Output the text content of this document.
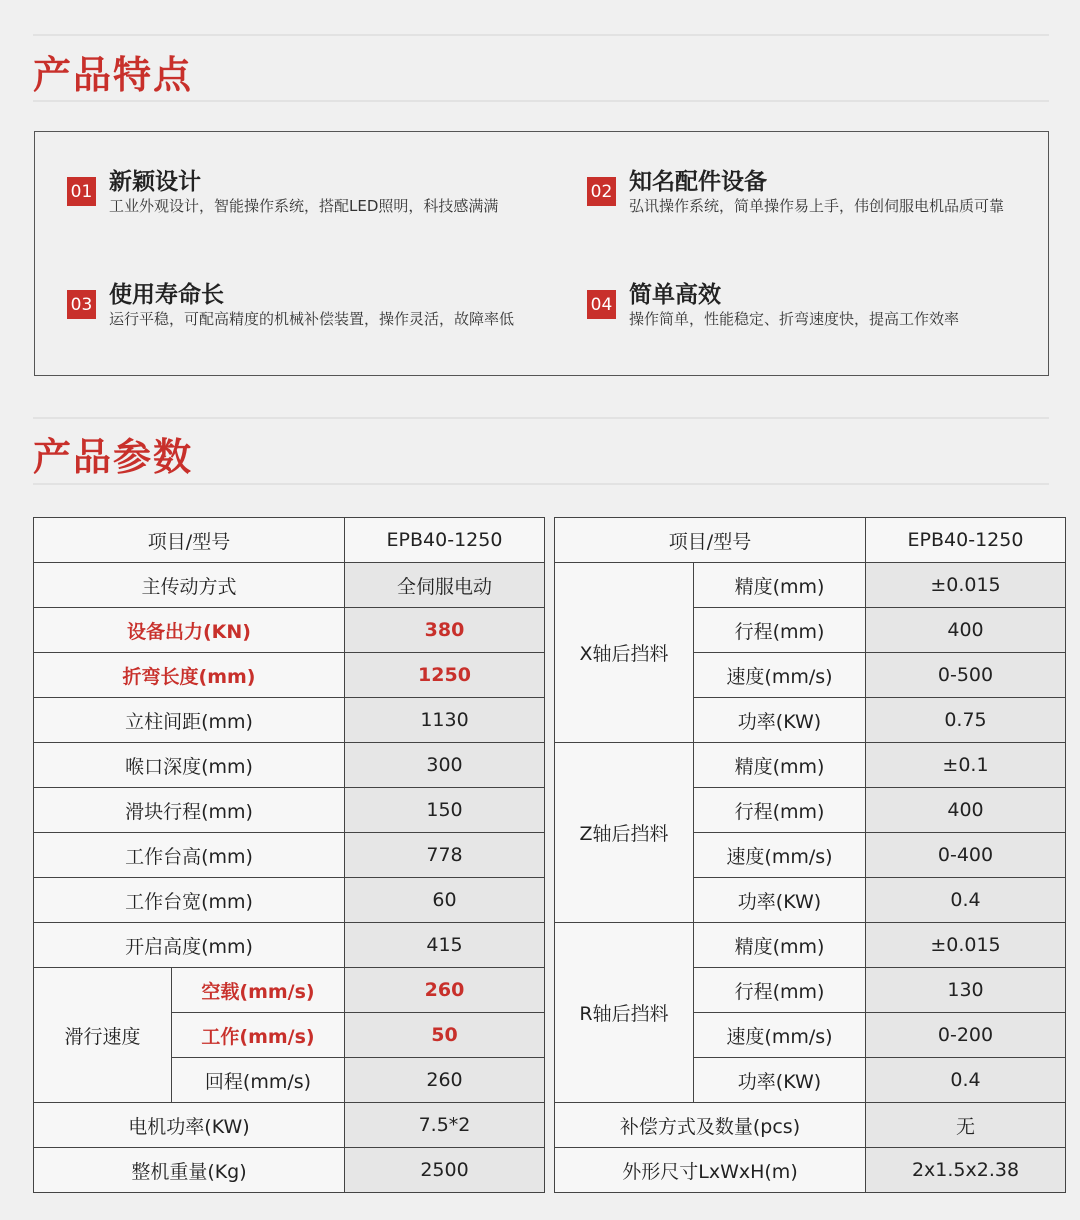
产品特点
01 新颖设计
工业外观设计，智能操作系统，搭配LED照明，科技感满满
02 知名配件设备
弘讯操作系统，简单操作易上手，伟创伺服电机品质可靠
03 使用寿命长
运行平稳，可配高精度的机械补偿装置，操作灵活，故障率低
04 简单高效
操作简单，性能稳定、折弯速度快，提高工作效率
产品参数
项目/型号		EPB40-1250
主传动方式		全伺服电动
设备出力(KN)		380
折弯长度(mm)		1250
立柱间距(mm)		1130
喉口深度(mm)		300
滑块行程(mm)		150
工作台高(mm)		778
工作台宽(mm)		60
开启高度(mm)		415
滑行速度	空载(mm/s)	260
	工作(mm/s)	50
	回程(mm/s)	260
电机功率(KW)		7.5*2
整机重量(Kg)		2500
项目/型号		EPB40-1250
X轴后挡料	精度(mm)	±0.015
	行程(mm)	400
	速度(mm/s)	0-500
	功率(KW)	0.75
Z轴后挡料	精度(mm)	±0.1
	行程(mm)	400
	速度(mm/s)	0-400
	功率(KW)	0.4
R轴后挡料	精度(mm)	±0.015
	行程(mm)	130
	速度(mm/s)	0-200
	功率(KW)	0.4
补偿方式及数量(pcs)		无
外形尺寸LxWxH(m)		2x1.5x2.38
